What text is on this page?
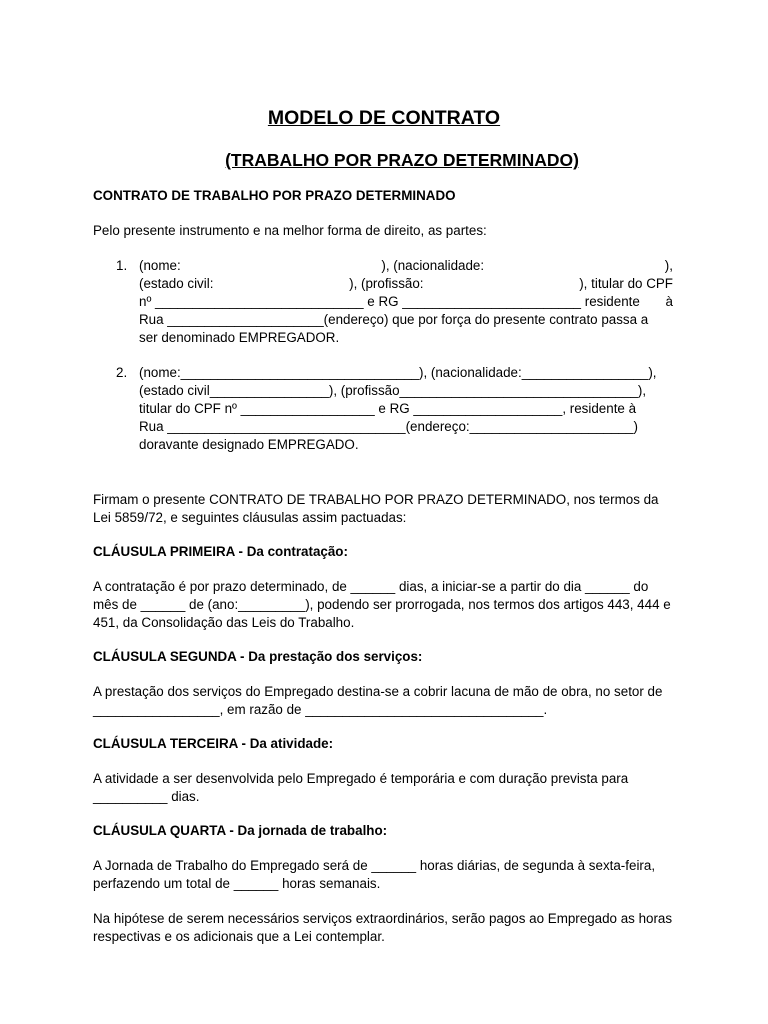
MODELO DE CONTRATO
(TRABALHO POR PRAZO DETERMINADO)

CONTRATO DE TRABALHO POR PRAZO DETERMINADO

Pelo presente instrumento e na melhor forma de direito, as partes:

1. (nome:	), (nacionalidade:	),
(estado civil:	), (profissão:	), titular do CPF
nº ____________________________ e RG ________________________ residente à
Rua _____________________(endereço) que por força do presente contrato passa a
ser denominado EMPREGADOR.
2. (nome:________________________________), (nacionalidade:_________________),
(estado civil________________), (profissão________________________________),
titular do CPF nº __________________ e RG ____________________, residente à
Rua ________________________________(endereço:______________________)
doravante designado EMPREGADO.

Firmam o presente CONTRATO DE TRABALHO POR PRAZO DETERMINADO, nos termos da Lei 5859/72, e seguintes cláusulas assim pactuadas:

CLÁUSULA PRIMEIRA - Da contratação:

A contratação é por prazo determinado, de ______ dias, a iniciar-se a partir do dia ______ do mês de ______ de (ano:_________), podendo ser prorrogada, nos termos dos artigos 443, 444 e 451, da Consolidação das Leis do Trabalho.

CLÁUSULA SEGUNDA - Da prestação dos serviços:

A prestação dos serviços do Empregado destina-se a cobrir lacuna de mão de obra, no setor de _________________, em razão de ________________________________.

CLÁUSULA TERCEIRA - Da atividade:

A atividade a ser desenvolvida pelo Empregado é temporária e com duração prevista para __________ dias.

CLÁUSULA QUARTA - Da jornada de trabalho:

A Jornada de Trabalho do Empregado será de ______ horas diárias, de segunda à sexta-feira, perfazendo um total de ______ horas semanais.

Na hipótese de serem necessários serviços extraordinários, serão pagos ao Empregado as horas respectivas e os adicionais que a Lei contemplar.
